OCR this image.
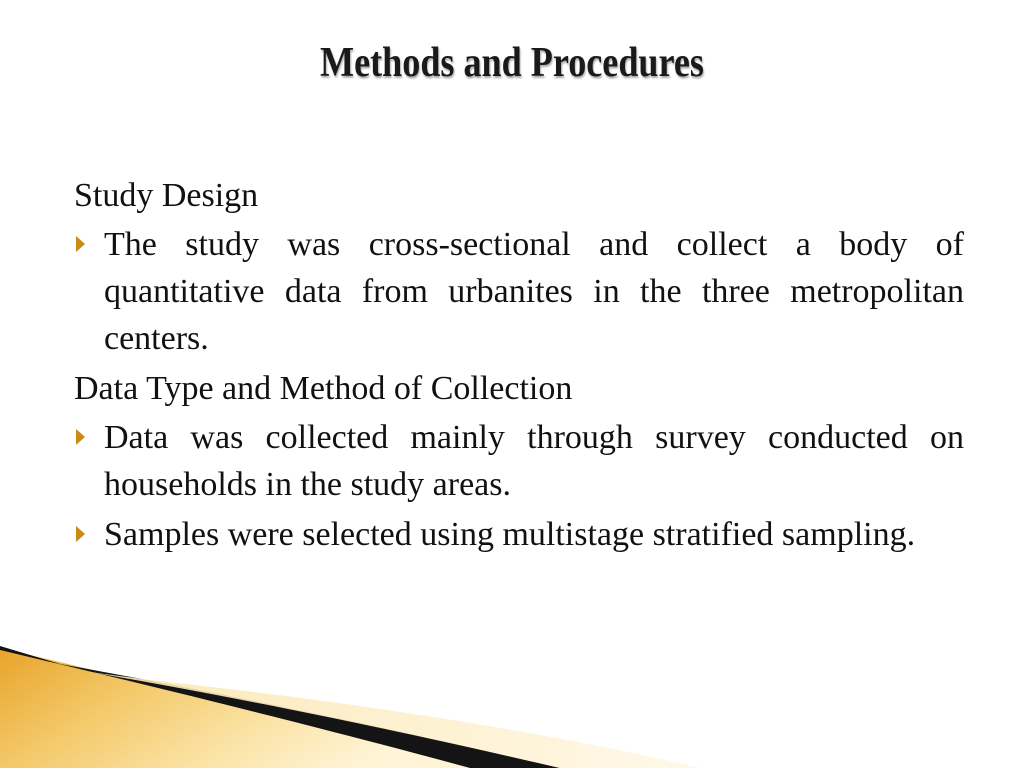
Methods and Procedures
Study Design
The study was cross-sectional and collect a body of quantitative data from urbanites in the three metropolitan centers.
Data Type and Method of Collection
Data was collected mainly through survey conducted on households in the study areas.
Samples were selected using multistage stratified sampling.
